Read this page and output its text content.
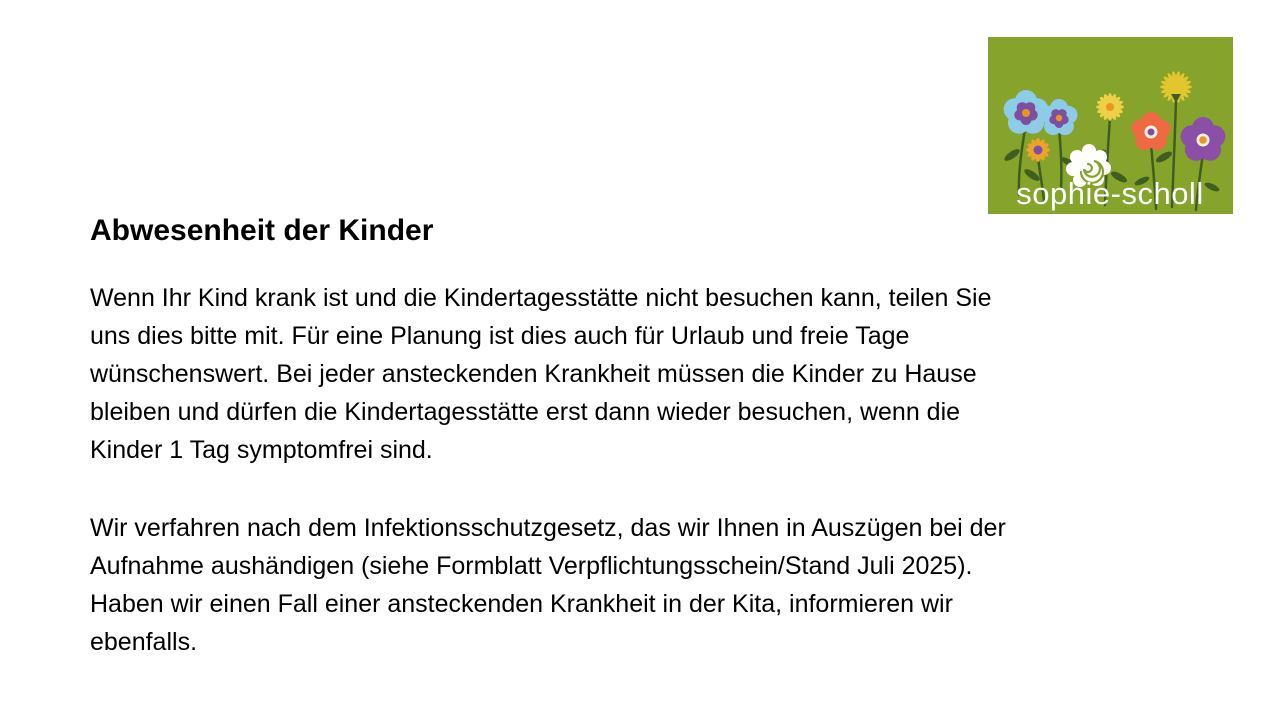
sophie-scholl
Abwesenheit der Kinder
Wenn Ihr Kind krank ist und die Kindertagesstätte nicht besuchen kann, teilen Sie
uns dies bitte mit. Für eine Planung ist dies auch für Urlaub und freie Tage
wünschenswert. Bei jeder ansteckenden Krankheit müssen die Kinder zu Hause
bleiben und dürfen die Kindertagesstätte erst dann wieder besuchen, wenn die
Kinder 1 Tag symptomfrei sind.
Wir verfahren nach dem Infektionsschutzgesetz, das wir Ihnen in Auszügen bei der
Aufnahme aushändigen (siehe Formblatt Verpflichtungsschein/Stand Juli 2025).
Haben wir einen Fall einer ansteckenden Krankheit in der Kita, informieren wir
ebenfalls.
